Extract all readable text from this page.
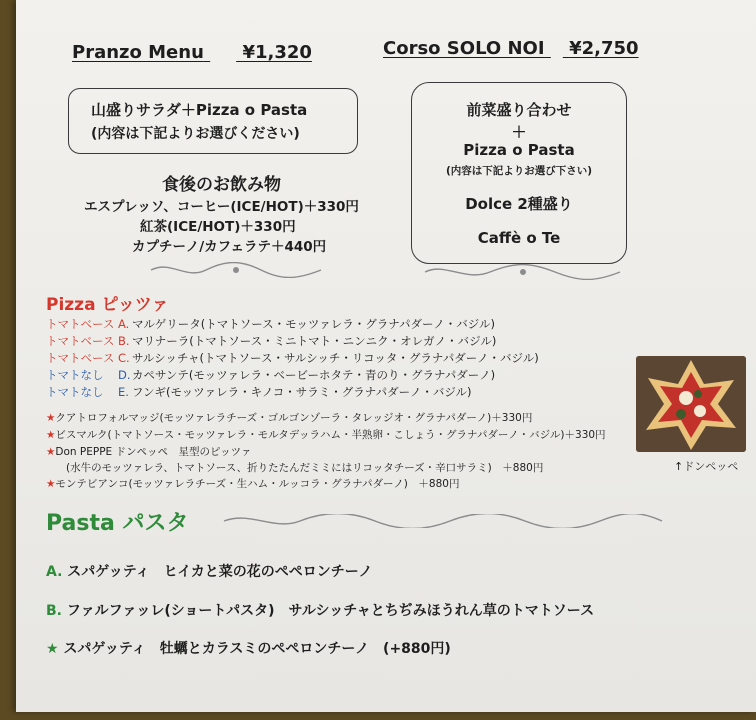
Pranzo Menu ¥1,320	Corso SOLO NOI ¥2,750
山盛りサラダ＋Pizza o Pasta
(内容は下記よりお選びください)
食後のお飲み物
エスプレッソ、コーヒー(ICE/HOT)＋330円
紅茶(ICE/HOT)＋330円
カプチーノ/カフェラテ＋440円
前菜盛り合わせ
＋
Pizza o Pasta
(内容は下記よりお選び下さい)
Dolce 2種盛り
Caffè o Te
Pizza ピッツァ
トマトベース A. マルゲリータ(トマトソース・モッツァレラ・グラナパダーノ・バジル)
トマトベース B. マリナーラ(トマトソース・ミニトマト・ニンニク・オレガノ・バジル)
トマトベース C. サルシッチャ(トマトソース・サルシッチ・リコッタ・グラナパダーノ・バジル)
トマトなし D.カペサンテ(モッツァレラ・ベービーホタテ・青のり・グラナパダーノ)
トマトなし E. フンギ(モッツァレラ・キノコ・サラミ・グラナパダーノ・バジル)
★クアトロフォルマッジ(モッツァレラチーズ・ゴルゴンゾーラ・タレッジオ・グラナパダーノ)＋330円
★ビスマルク(トマトソース・モッツァレラ・モルタデッラハム・半熟卵・こしょう・グラナパダーノ・バジル)＋330円
★Don PEPPE ドンペッペ　星型のピッツァ
(水牛のモッツァレラ、トマトソース、折りたたんだミミにはリコッタチーズ・辛口サラミ)　＋880円
★モンテビアンコ(モッツァレラチーズ・生ハム・ルッコラ・グラナパダーノ)　＋880円
↑ドンペッペ
Pasta パスタ
A. スパゲッティ　ヒイカと菜の花のペペロンチーノ
B. ファルファッレ(ショートパスタ)　サルシッチャとちぢみほうれん草のトマトソース
★ スパゲッティ　牡蠣とカラスミのペペロンチーノ　(+880円)
